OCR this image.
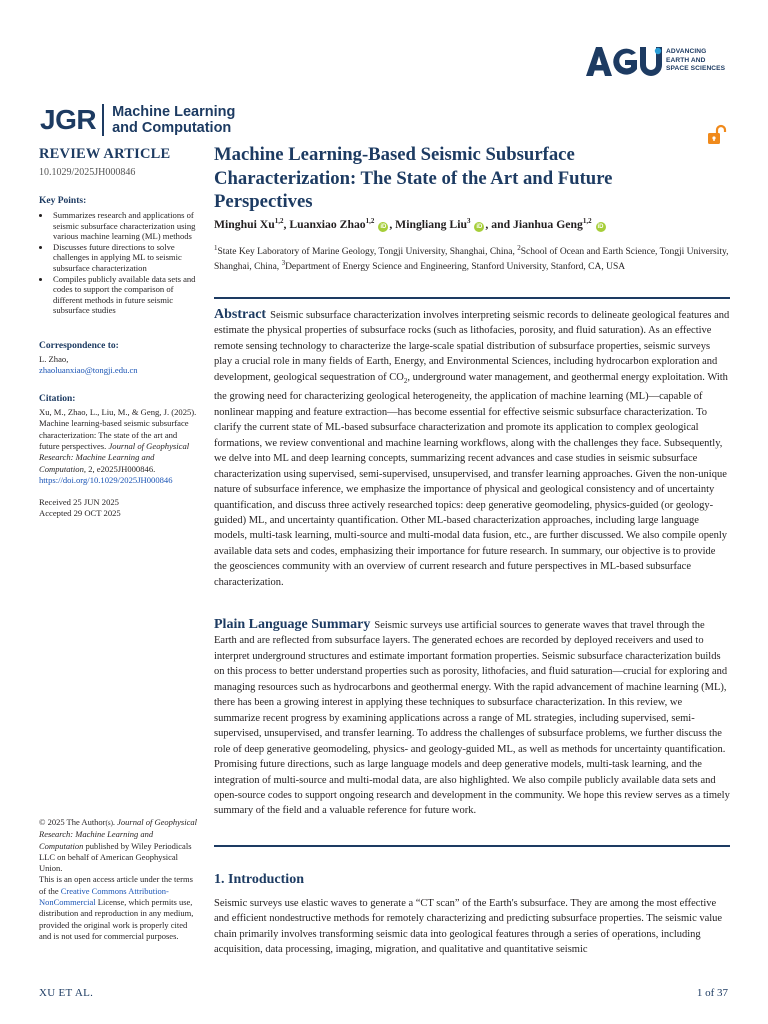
ADVANCING
EARTH AND
SPACE SCIENCES
JGR Machine Learning
and Computation
REVIEW ARTICLE
10.1029/2025JH000846
Key Points:
• Summarizes research and applications of seismic subsurface characterization using various machine learning (ML) methods
• Discusses future directions to solve challenges in applying ML to seismic subsurface characterization
• Compiles publicly available data sets and codes to support the comparison of different methods in future seismic subsurface studies
Correspondence to:
L. Zhao,
zhaoluanxiao@tongji.edu.cn
Citation:
Xu, M., Zhao, L., Liu, M., & Geng, J. (2025). Machine learning-based seismic subsurface characterization: The state of the art and future perspectives. Journal of Geophysical Research: Machine Learning and Computation, 2, e2025JH000846.
https://doi.org/10.1029/2025JH000846
Received 25 JUN 2025
Accepted 29 OCT 2025
© 2025 The Author(s). Journal of Geophysical Research: Machine Learning and Computation published by Wiley Periodicals LLC on behalf of American Geophysical Union.
This is an open access article under the terms of the Creative Commons Attribution-NonCommercial License, which permits use, distribution and reproduction in any medium, provided the original work is properly cited and is not used for commercial purposes.
Machine Learning-Based Seismic Subsurface Characterization: The State of the Art and Future Perspectives
Minghui Xu$^{1,2}$, Luanxiao Zhao$^{1,2}$ iD , Mingliang Liu$^3$ iD , and Jianhua Geng$^{1,2}$ iD
$^1$State Key Laboratory of Marine Geology, Tongji University, Shanghai, China, $^2$School of Ocean and Earth Science, Tongji University, Shanghai, China, $^3$Department of Energy Science and Engineering, Stanford University, Stanford, CA, USA
Abstract Seismic subsurface characterization involves interpreting seismic records to delineate geological features and estimate the physical properties of subsurface rocks (such as lithofacies, porosity, and fluid saturation). As an effective remote sensing technology to characterize the large-scale spatial distribution of subsurface properties, seismic surveys play a crucial role in many fields of Earth, Energy, and Environmental Sciences, including hydrocarbon exploration and development, geological sequestration of $CO_2$, underground water management, and geothermal energy exploitation. With the growing need for characterizing geological heterogeneity, the application of machine learning (ML)—capable of nonlinear mapping and feature extraction—has become essential for effective seismic subsurface characterization. To clarify the current state of ML-based subsurface characterization and promote its application to complex geological formations, we review conventional and machine learning workflows, along with the challenges they face. Subsequently, we delve into ML and deep learning concepts, summarizing recent advances and case studies in seismic subsurface characterization using supervised, semi-supervised, unsupervised, and transfer learning approaches. Given the non-unique nature of subsurface inference, we emphasize the importance of physical and geological consistency and of uncertainty quantification, and discuss three actively researched topics: deep generative geomodeling, physics-guided (or geology-guided) ML, and uncertainty quantification. Other ML-based characterization approaches, including large language models, multi-task learning, multi-source and multi-modal data fusion, etc., are further discussed. We also compile openly available data sets and codes, emphasizing their importance for future research. In summary, our objective is to provide the geosciences community with an overview of current research and future perspectives in ML-based subsurface characterization.
Plain Language Summary Seismic surveys use artificial sources to generate waves that travel through the Earth and are reflected from subsurface layers. The generated echoes are recorded by deployed receivers and used to interpret underground structures and estimate important formation properties. Seismic subsurface characterization builds on this process to better understand properties such as porosity, lithofacies, and fluid saturation—crucial for exploring and managing resources such as hydrocarbons and geothermal energy. With the rapid advancement of machine learning (ML), there has been a growing interest in applying these techniques to subsurface characterization. In this review, we summarize recent progress by examining applications across a range of ML strategies, including supervised, semi-supervised, unsupervised, and transfer learning. To address the challenges of subsurface problems, we further discuss the role of deep generative geomodeling, physics- and geology-guided ML, as well as methods for uncertainty quantification. Promising future directions, such as large language models and deep generative models, multi-task learning, and the integration of multi-source and multi-modal data, are also highlighted. We also compile publicly available data sets and open-source codes to support ongoing research and development in the community. We hope this review serves as a timely summary of the field and a valuable reference for future work.
1. Introduction
Seismic surveys use elastic waves to generate a “CT scan” of the Earth's subsurface. They are among the most effective and efficient nondestructive methods for remotely characterizing and predicting subsurface properties. The seismic value chain primarily involves transforming seismic data into geological features through a series of operations, including acquisition, data processing, imaging, migration, and qualitative and quantitative seismic
XU ET AL.	1 of 37
